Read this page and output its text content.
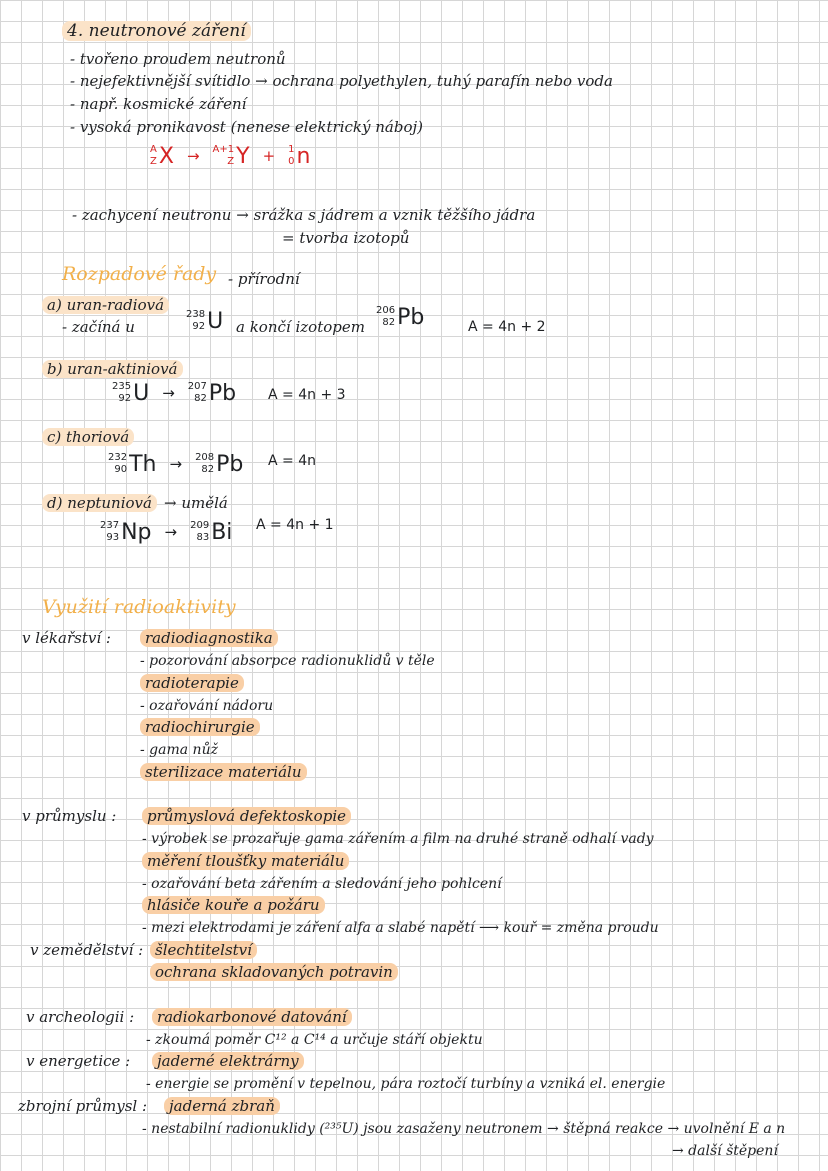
4. neutronové záření
- tvořeno proudem neutronů
- nejefektivnější svítidlo → ochrana polyethylen, tuhý parafín nebo voda
- např. kosmické záření
- vysoká pronikavost (nenese elektrický náboj)
A
Z X → A+1
Z Y + 1
0 n
- zachycení neutronu → srážka s jádrem a vznik těžšího jádra
= tvorba izotopů
Rozpadové řady - přírodní
a) uran-radiová
- začíná u
238
92 U a končí izotopem
206
82 Pb	A = 4n + 2
b) uran-aktiniová
235
92 U → 207
82 Pb A = 4n + 3
c) thoriová
232
90 Th → 208
82 Pb A = 4n
d) neptuniová → umělá
237
93 Np → 209
83 Bi A = 4n + 1
Využití radioaktivity
v lékařství :	radiodiagnostika
- pozorování absorpce radionuklidů v těle
radioterapie
- ozařování nádoru
radiochirurgie
- gama nůž
sterilizace materiálu
v průmyslu :	průmyslová defektoskopie
- výrobek se prozařuje gama zářením a film na druhé straně odhalí vady
měření tloušťky materiálu
- ozařování beta zářením a sledování jeho pohlcení
hlásiče kouře a požáru
- mezi elektrodami je záření alfa a slabé napětí ⟶ kouř = změna proudu
v zemědělství : šlechtitelství
ochrana skladovaných potravin
v archeologii :	radiokarbonové datování
- zkoumá poměr C¹² a C¹⁴ a určuje stáří objektu
v energetice :	jaderné elektrárny
- energie se promění v tepelnou, pára roztočí turbíny a vzniká el. energie
zbrojní průmysl :	jaderná zbraň
- nestabilní radionuklidy (²³⁵U) jsou zasaženy neutronem → štěpná reakce → uvolnění E a n
→ další štěpení
